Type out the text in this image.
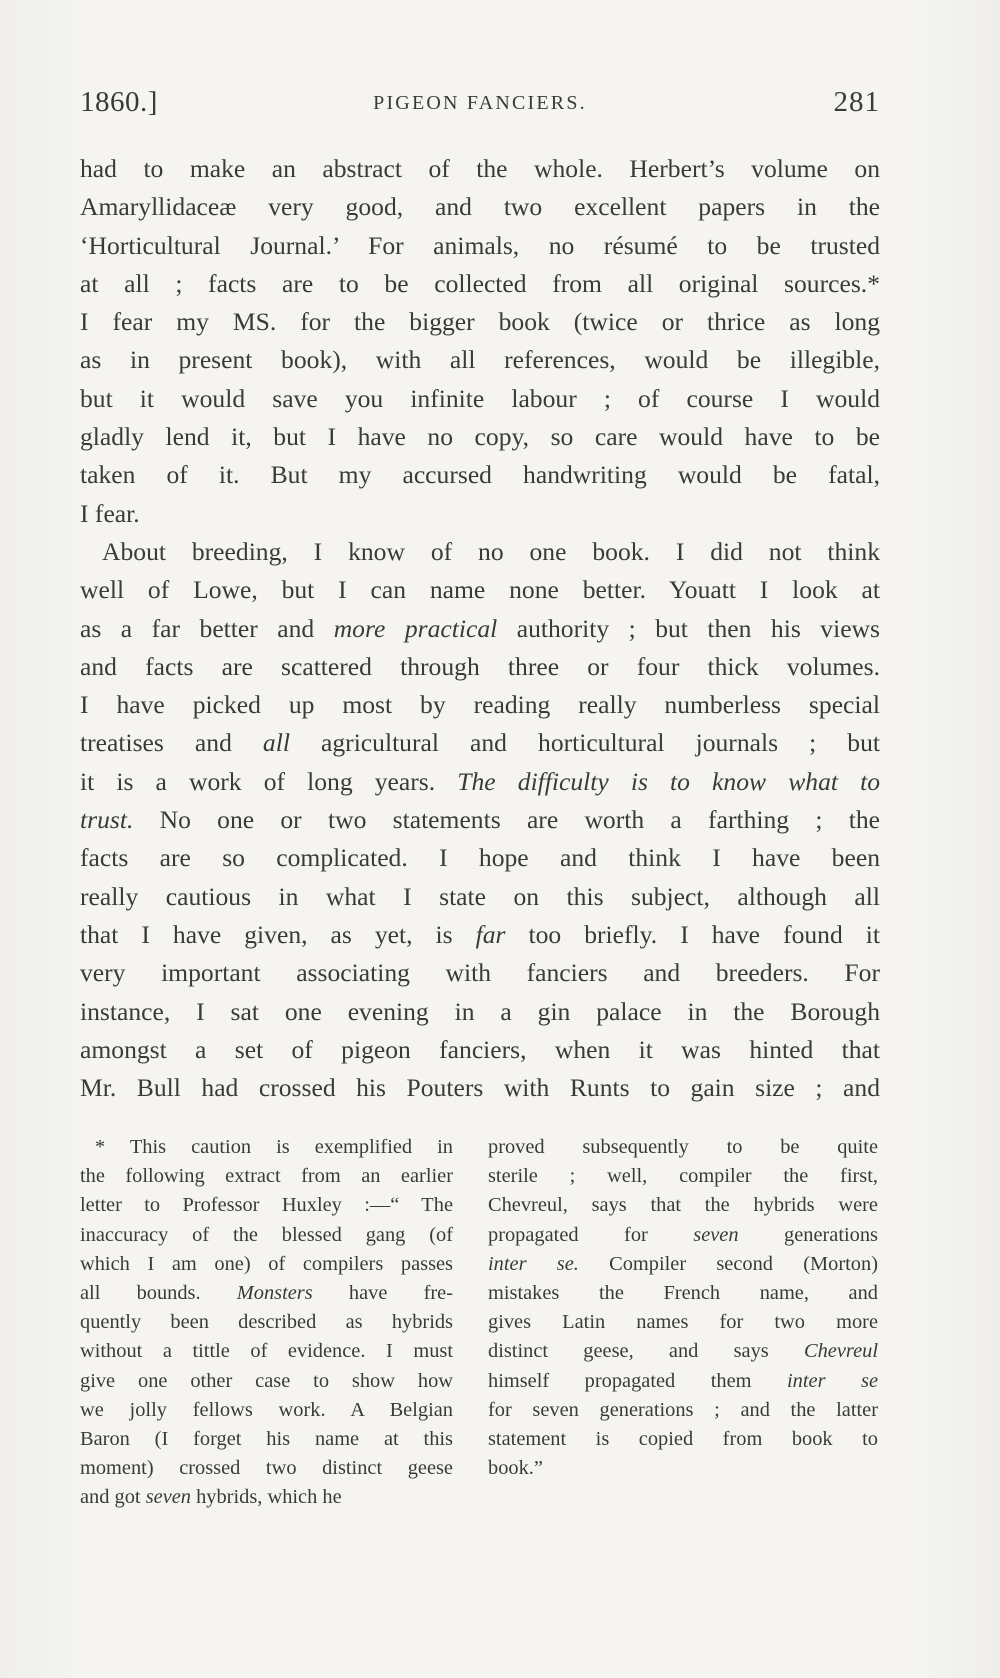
1860.]	PIGEON FANCIERS.	281
had to make an abstract of the whole. Herbert’s volume on
Amaryllidaceæ very good, and two excellent papers in the
‘Horticultural Journal.’ For animals, no résumé to be trusted
at all ; facts are to be collected from all original sources.*
I fear my MS. for the bigger book (twice or thrice as long
as in present book), with all references, would be illegible,
but it would save you infinite labour ; of course I would
gladly lend it, but I have no copy, so care would have to be
taken of it. But my accursed handwriting would be fatal,
I fear.
About breeding, I know of no one book. I did not think
well of Lowe, but I can name none better. Youatt I look at
as a far better and more practical authority ; but then his views
and facts are scattered through three or four thick volumes.
I have picked up most by reading really numberless special
treatises and all agricultural and horticultural journals ; but
it is a work of long years. The difficulty is to know what to
trust. No one or two statements are worth a farthing ; the
facts are so complicated. I hope and think I have been
really cautious in what I state on this subject, although all
that I have given, as yet, is far too briefly. I have found it
very important associating with fanciers and breeders. For
instance, I sat one evening in a gin palace in the Borough
amongst a set of pigeon fanciers, when it was hinted that
Mr. Bull had crossed his Pouters with Runts to gain size ; and
* This caution is exemplified in
the following extract from an earlier
letter to Professor Huxley :—“ The
inaccuracy of the blessed gang (of
which I am one) of compilers passes
all bounds. Monsters have fre-
quently been described as hybrids
without a tittle of evidence. I must
give one other case to show how
we jolly fellows work. A Belgian
Baron (I forget his name at this
moment) crossed two distinct geese
and got seven hybrids, which he
proved subsequently to be quite
sterile ; well, compiler the first,
Chevreul, says that the hybrids were
propagated for seven generations
inter se. Compiler second (Morton)
mistakes the French name, and
gives Latin names for two more
distinct geese, and says Chevreul
himself propagated them inter se
for seven generations ; and the latter
statement is copied from book to
book.”
